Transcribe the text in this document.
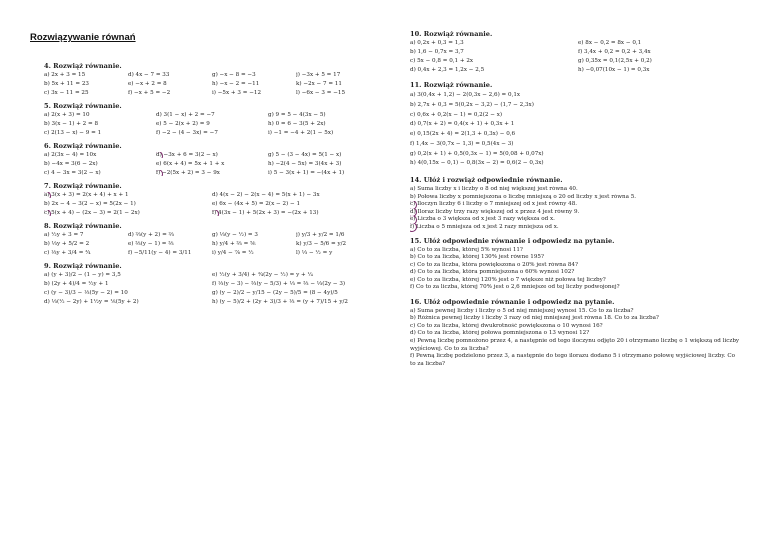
Rozwiązywanie równań
4. Rozwiąż równanie.
a) 2x + 3 = 15	d) 4x − 7 = 33	g) −x − 8 = −3	j) −3x + 5 = 17
b) 5x + 11 = 23	e) −x + 2 = 8	h) −x − 2 = −11	k) −2x − 7 = 11
c) 3x − 11 = 25	f) −x + 5 = −2	i) −5x + 3 = −12	l) −6x − 3 = −15
5. Rozwiąż równanie.
a) 2(x + 3) = 10	d) 3(1 − x) + 2 = −7	g) 9 = 5 − 4(3x − 5)
b) 3(x − 1) + 2 = 8	e) 5 − 2(x + 2) = 9	h) 0 = 6 − 3(5 + 2x)
c) 2(13 − x) − 9 = 1	f) −2 − (4 − 3x) = −7	i) −1 = −4 + 2(1 − 5x)
6. Rozwiąż równanie.
a) 2(3x − 4) = 10x	d) −3x + 6 = 3(2 − x)	g) 5 − (3 − 4x) = 5(1 − x)
b) −4x = 3(6 − 2x)	e) 6(x + 4) = 5x + 1 + x	h) −2(4 − 5x) = 3(4x + 3)
c) 4 − 3x = 3(2 − x)	f) −2(5x + 2) = 3 − 9x	i) 5 − 3(x + 1) = −(4x + 1)
7. Rozwiąż równanie.
a) 3(x + 3) = 2(x + 4) + x + 1	d) 4(x − 2) − 2(x − 4) = 5(x + 1) − 3x
b) 2x − 4 − 3(2 − x) = 5(2x − 1)	e) 6x − (4x + 5) = 2(x − 2) − 1
c) 5(x + 4) − (2x − 3) = 2(1 − 2x)	f) 4(3x − 1) + 5(2x + 3) = −(2x + 13)
8. Rozwiąż równanie.
a) ½y + 3 = 7	d) ⅔(y + 2) = ⅔	g) ⅓(y − ½) = 3	j) y/3 + y/2 = 1/6
b) ⅓y + 5/2 = 2	e) ⅔(y − 1) = ⅔	h) y/4 + ⅔ = ⅚	k) y/3 − 5/6 = y/2
c) ⅓y + 3/4 = ¾	f) −5/11(y − 4) = 3/11	i) y/4 − ⅞ = ½	l) ⅓ − ½ = y
9. Rozwiąż równanie.
a) (y + 3)/2 − (1 − y) = 3,5	e) ½(y + 3/4) + ¾(2y − ½) = y + ¼
b) (2y + 4)/4 = ½y + 1	f) ⅓(y − 3) − ⅔(y − 5/3) + ⅓ = ⅔ − ⅓(2y − 3)
c) (y − 3)/3 − ⅓(5y − 2) = 10	g) (y − 2)/2 − y/15 − (2y − 5)/5 = (8 − 4y)/5
d) ⅓(½ − 2y) + 1½y = ⅙(5y + 2)	h) (y − 5)/2 + (2y + 3)/3 + ⅓ = (y + 7)/15 + y/2
10. Rozwiąż równanie.
a) 0,2x + 0,3 = 1,3	e) 8x − 0,2 = 8x − 0,1
b) 1,6 − 0,7x = 3,7	f) 3,4x + 0,2 = 0,2 + 3,4x
c) 5x − 0,8 = 0,1 + 2x	g) 0,35x = 0,1(2,5x + 0,2)
d) 0,4x + 2,3 = 1,2x − 2,5	h) −0,07(10x − 1) = 0,3x
11. Rozwiąż równanie.
a) 3(0,4x + 1,2) − 2(0,3x − 2,6) = 0,1x
b) 2,7x + 0,3 = 5(0,2x − 3,2) − (1,7 − 2,3x)
c) 0,6x + 0,2(x − 1) = 0,2(2 − x)
d) 0,7(x + 2) = 0,4(x + 1) + 0,3x + 1
e) 0,15(2x + 4) = 2(1,3 + 0,3x) − 0,6
f) 1,4x − 3(0,7x − 1,3) = 0,5(4x − 3)
g) 0,2(x + 1) + 0,5(0,3x − 1) = 5(0,08 + 0,07x)
h) 4(0,15x − 0,1) − 0,8(3x − 2) = 0,6(2 − 0,3x)
14. Ułóż i rozwiąż odpowiednie równanie.
a) Suma liczby x i liczby o 8 od niej większej jest równa 40.
b) Połowa liczby x pomniejszona o liczbę mniejszą o 20 od liczby x jest równa 5.
c) Iloczyn liczby 6 i liczby o 7 mniejszej od x jest równy 48.
d) Iloraz liczby trzy razy większej od x przez 4 jest równy 9.
e) Liczba o 3 większa od x jest 3 razy większa od x.
f) Liczba o 5 mniejsza od x jest 2 razy mniejsza od x.
15. Ułóż odpowiednie równanie i odpowiedz na pytanie.
a) Co to za liczba, której 5% wynosi 11?
b) Co to za liczba, której 130% jest równe 195?
c) Co to za liczba, która powiększona o 20% jest równa 84?
d) Co to za liczba, która pomniejszona o 60% wynosi 102?
e) Co to za liczba, której 120% jest o 7 większe niż połowa tej liczby?
f) Co to za liczba, której 70% jest o 2,6 mniejsze od tej liczby podwojonej?
16. Ułóż odpowiednie równanie i odpowiedz na pytanie.
a) Suma pewnej liczby i liczby o 5 od niej mniejszej wynosi 15. Co to za liczba?
b) Różnica pewnej liczby i liczby 3 razy od niej mniejszej jest równa 18. Co to za liczba?
c) Co to za liczba, której dwukrotność powiększona o 10 wynosi 16?
d) Co to za liczba, której połowa pomniejszona o 13 wynosi 12?
e) Pewną liczbę pomnożono przez 4, a następnie od tego iloczynu odjęto 20 i otrzymano liczbę o 1 większą od liczby wyjściowej. Co to za liczba?
f) Pewną liczbę podzielono przez 3, a następnie do tego ilorazu dodano 5 i otrzymano połowę wyjściowej liczby. Co to za liczba?
